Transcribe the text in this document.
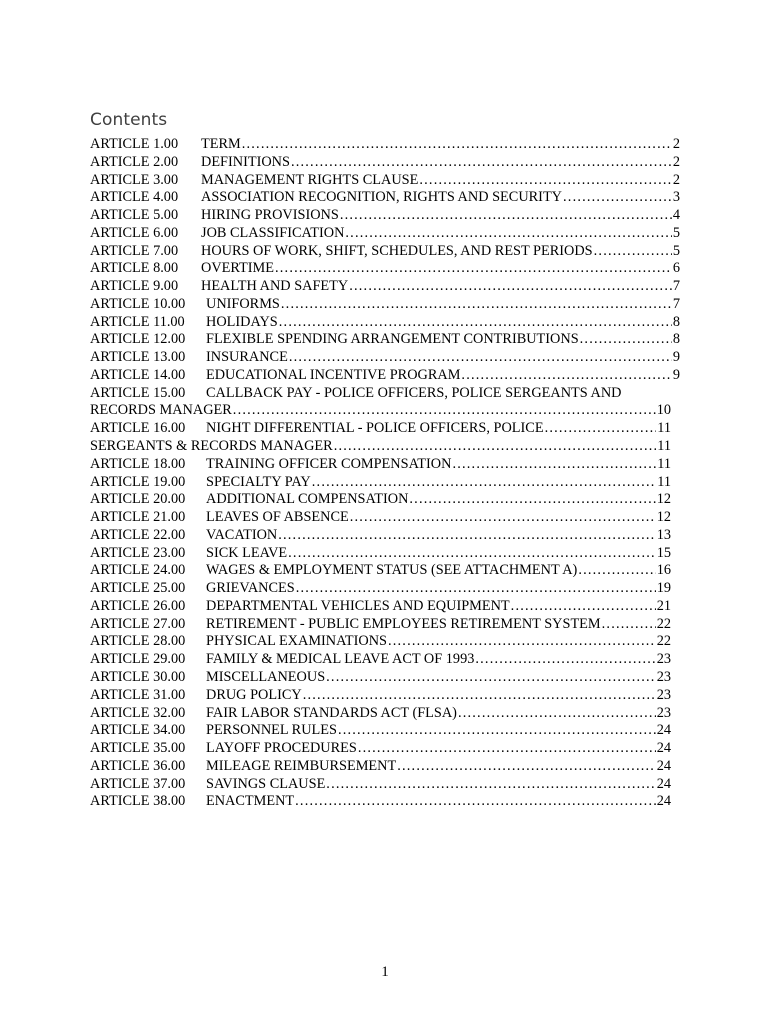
Contents
ARTICLE 1.00	TERM .....	2
ARTICLE 2.00	DEFINITIONS .....	2
ARTICLE 3.00	MANAGEMENT RIGHTS CLAUSE .....	2
ARTICLE 4.00	ASSOCIATION RECOGNITION, RIGHTS AND SECURITY .....	3
ARTICLE 5.00	HIRING PROVISIONS .....	4
ARTICLE 6.00	JOB CLASSIFICATION .....	5
ARTICLE 7.00	HOURS OF WORK, SHIFT, SCHEDULES, AND REST PERIODS .....	5
ARTICLE 8.00	OVERTIME .....	6
ARTICLE 9.00	HEALTH AND SAFETY .....	7
ARTICLE 10.00	UNIFORMS .....	7
ARTICLE 11.00	HOLIDAYS .....	8
ARTICLE 12.00	FLEXIBLE SPENDING ARRANGEMENT CONTRIBUTIONS .....	8
ARTICLE 13.00	INSURANCE .....	9
ARTICLE 14.00	EDUCATIONAL INCENTIVE PROGRAM .....	9
ARTICLE 15.00	CALLBACK PAY - POLICE OFFICERS, POLICE SERGEANTS AND
RECORDS MANAGER .....	10
ARTICLE 16.00	NIGHT DIFFERENTIAL - POLICE OFFICERS, POLICE .....	11
SERGEANTS & RECORDS MANAGER .....	11
ARTICLE 18.00	TRAINING OFFICER COMPENSATION .....	11
ARTICLE 19.00	SPECIALTY PAY .....	11
ARTICLE 20.00	ADDITIONAL COMPENSATION .....	12
ARTICLE 21.00	LEAVES OF ABSENCE .....	12
ARTICLE 22.00	VACATION .....	13
ARTICLE 23.00	SICK LEAVE .....	15
ARTICLE 24.00	WAGES & EMPLOYMENT STATUS (SEE ATTACHMENT A) .....	16
ARTICLE 25.00	GRIEVANCES .....	19
ARTICLE 26.00	DEPARTMENTAL VEHICLES AND EQUIPMENT .....	21
ARTICLE 27.00	RETIREMENT - PUBLIC EMPLOYEES RETIREMENT SYSTEM .....	22
ARTICLE 28.00	PHYSICAL EXAMINATIONS .....	22
ARTICLE 29.00	FAMILY & MEDICAL LEAVE ACT OF 1993 .....	23
ARTICLE 30.00	MISCELLANEOUS .....	23
ARTICLE 31.00	DRUG POLICY .....	23
ARTICLE 32.00	FAIR LABOR STANDARDS ACT (FLSA) .....	23
ARTICLE 34.00	PERSONNEL RULES .....	24
ARTICLE 35.00	LAYOFF PROCEDURES .....	24
ARTICLE 36.00	MILEAGE REIMBURSEMENT .....	24
ARTICLE 37.00	SAVINGS CLAUSE .....	24
ARTICLE 38.00	ENACTMENT .....	24
1
